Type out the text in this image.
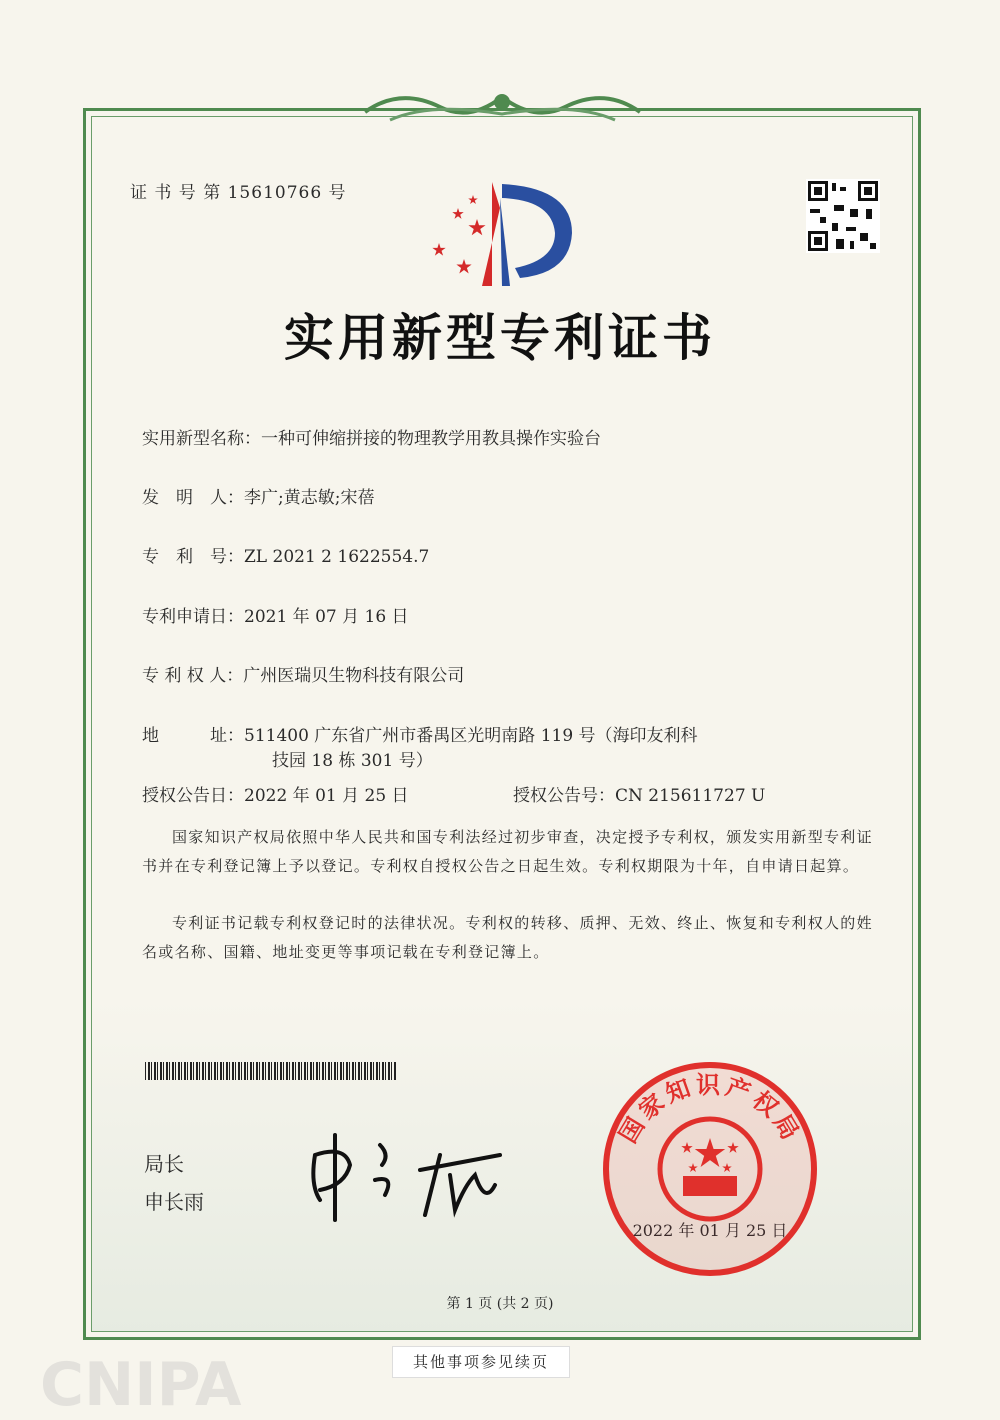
CNIPA
证 书 号 第 15610766 号
实用新型专利证书
实用新型名称：一种可伸缩拼接的物理教学用教具操作实验台
发　明　人：李广;黄志敏;宋蓓
专　利　号：ZL 2021 2 1622554.7
专利申请日：2021 年 07 月 16 日
专 利 权 人：广州医瑞贝生物科技有限公司
地　　　址：511400 广东省广州市番禺区光明南路 119 号（海印友利科
技园 18 栋 301 号）
授权公告日：2022 年 01 月 25 日	授权公告号：CN 215611727 U
国家知识产权局依照中华人民共和国专利法经过初步审查，决定授予专利权，颁发实用新型专利证书并在专利登记簿上予以登记。专利权自授权公告之日起生效。专利权期限为十年，自申请日起算。
专利证书记载专利权登记时的法律状况。专利权的转移、质押、无效、终止、恢复和专利权人的姓名或名称、国籍、地址变更等事项记载在专利登记簿上。
局长
申长雨
国家知识产权局
2022 年 01 月 25 日
第 1 页 (共 2 页)
其他事项参见续页
